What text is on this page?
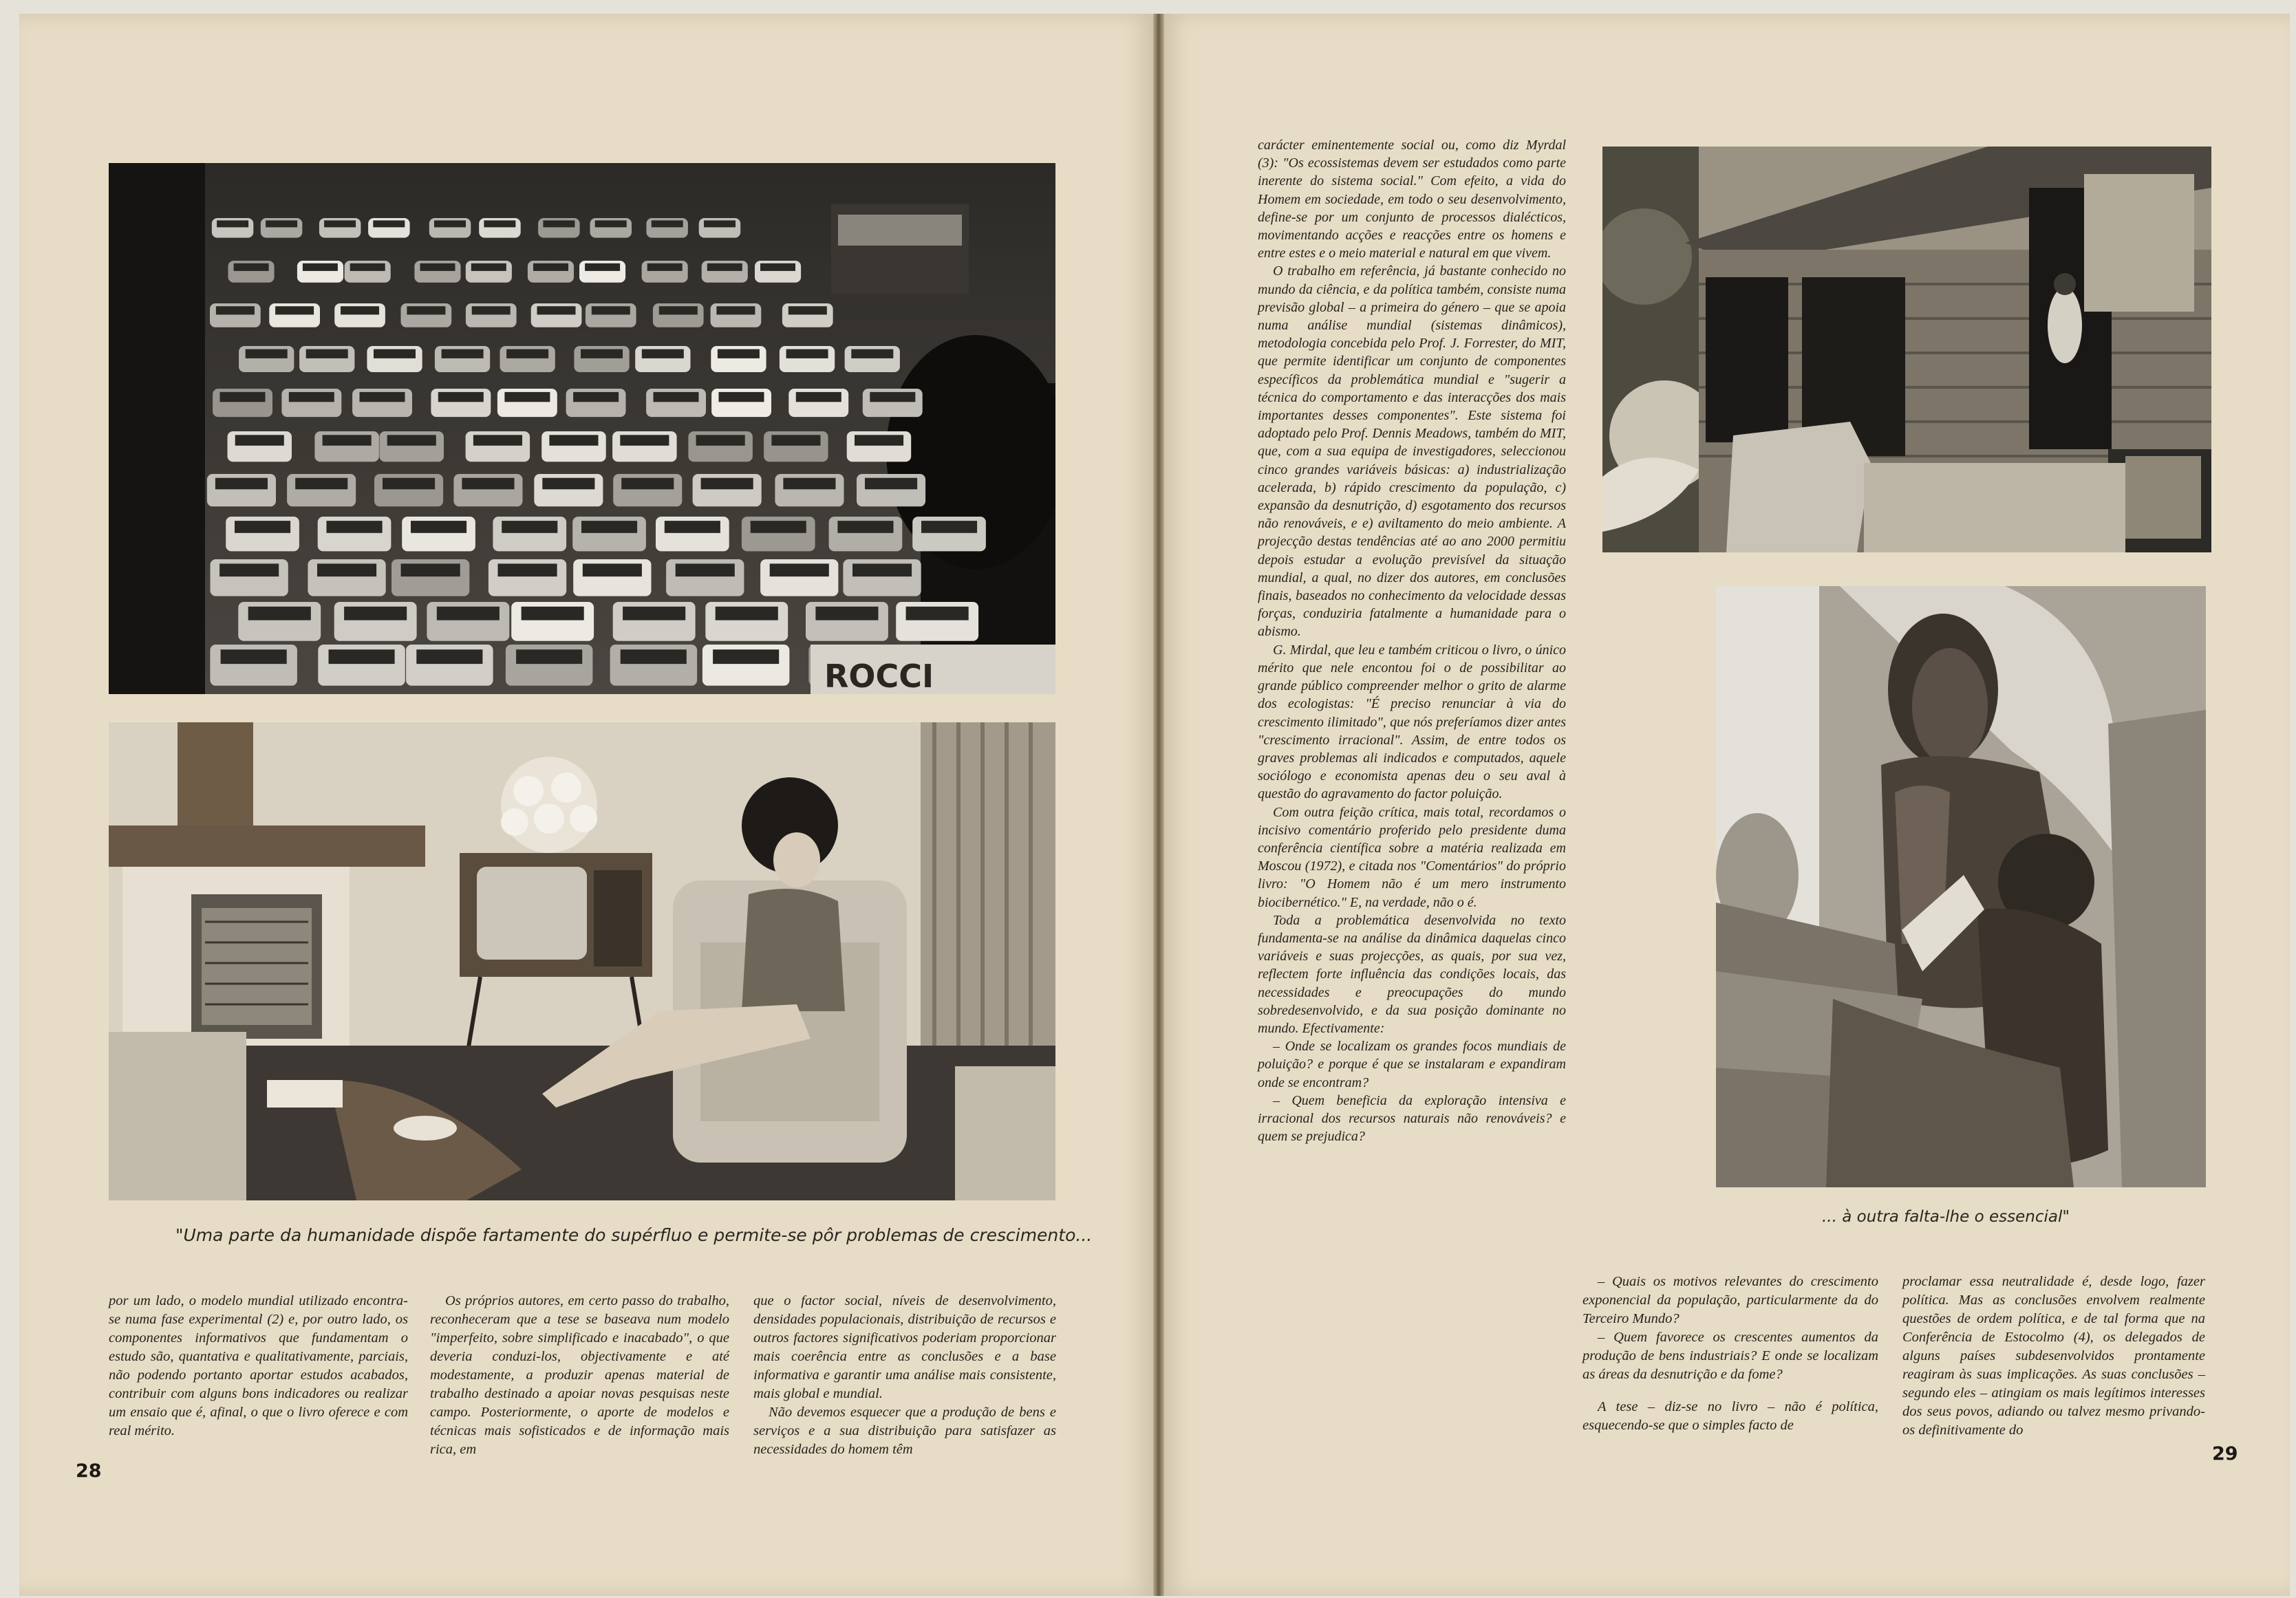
ROCCI
"Uma parte da humanidade dispõe fartamente do supérfluo e permite-se pôr problemas de crescimento...

por um lado, o modelo mundial utilizado encontra-se numa fase experimental (2) e, por outro lado, os componentes informativos que fundamentam o estudo são, quantativa e qualitativamente, parciais, não podendo portanto aportar estudos acabados, contribuir com alguns bons indicadores ou realizar um ensaio que é, afinal, o que o livro oferece e com real mérito.

Os próprios autores, em certo passo do trabalho, reconheceram que a tese se baseava num modelo "imperfeito, sobre simplificado e inacabado", o que deveria conduzi-los, objectivamente e até modestamente, a produzir apenas material de trabalho destinado a apoiar novas pesquisas neste campo. Posteriormente, o aporte de modelos e técnicas mais sofisticados e de informação mais rica, em

que o factor social, níveis de desenvolvimento, densidades populacionais, distribuição de recursos e outros factores significativos poderiam proporcionar mais coerência entre as conclusões e a base informativa e garantir uma análise mais consistente, mais global e mundial.

Não devemos esquecer que a produção de bens e serviços e a sua distribuição para satisfazer as necessidades do homem têm

28

carácter eminentemente social ou, como diz Myrdal (3): "Os ecossistemas devem ser estudados como parte inerente do sistema social." Com efeito, a vida do Homem em sociedade, em todo o seu desenvolvimento, define-se por um conjunto de processos dialécticos, movimentando acções e reacções entre os homens e entre estes e o meio material e natural em que vivem.

O trabalho em referência, já bastante conhecido no mundo da ciência, e da política também, consiste numa previsão global – a primeira do género – que se apoia numa análise mundial (sistemas dinâmicos), metodologia concebida pelo Prof. J. Forrester, do MIT, que permite identificar um conjunto de componentes específicos da problemática mundial e "sugerir a técnica do comportamento e das interacções dos mais importantes desses componentes". Este sistema foi adoptado pelo Prof. Dennis Meadows, também do MIT, que, com a sua equipa de investigadores, seleccionou cinco grandes variáveis básicas: a) industrialização acelerada, b) rápido crescimento da população, c) expansão da desnutrição, d) esgotamento dos recursos não renováveis, e e) aviltamento do meio ambiente. A projecção destas tendências até ao ano 2000 permitiu depois estudar a evolução previsível da situação mundial, a qual, no dizer dos autores, em conclusões finais, baseados no conhecimento da velocidade dessas forças, conduziria fatalmente a humanidade para o abismo.

G. Mirdal, que leu e também criticou o livro, o único mérito que nele encontou foi o de possibilitar ao grande público compreender melhor o grito de alarme dos ecologistas: "É preciso renunciar à via do crescimento ilimitado", que nós preferíamos dizer antes "crescimento irracional". Assim, de entre todos os graves problemas ali indicados e computados, aquele sociólogo e economista apenas deu o seu aval à questão do agravamento do factor poluição.

Com outra feição crítica, mais total, recordamos o incisivo comentário proferido pelo presidente duma conferência científica sobre a matéria realizada em Moscou (1972), e citada nos "Comentários" do próprio livro: "O Homem não é um mero instrumento biocibernético." E, na verdade, não o é.

Toda a problemática desenvolvida no texto fundamenta-se na análise da dinâmica daquelas cinco variáveis e suas projecções, as quais, por sua vez, reflectem forte influência das condições locais, das necessidades e preocupações do mundo sobredesenvolvido, e da sua posição dominante no mundo. Efectivamente:

– Onde se localizam os grandes focos mundiais de poluição? e porque é que se instalaram e expandiram onde se encontram?

– Quem beneficia da exploração intensiva e irracional dos recursos naturais não renováveis? e quem se prejudica?

... à outra falta-lhe o essencial"

– Quais os motivos relevantes do crescimento exponencial da população, particularmente da do Terceiro Mundo?

– Quem favorece os crescentes aumentos da produção de bens industriais? E onde se localizam as áreas da desnutrição e da fome?

A tese – diz-se no livro – não é política, esquecendo-se que o simples facto de

proclamar essa neutralidade é, desde logo, fazer política. Mas as conclusões envolvem realmente questões de ordem política, e de tal forma que na Conferência de Estocolmo (4), os delegados de alguns países subdesenvolvidos prontamente reagiram às suas implicações. As suas conclusões – segundo eles – atingiam os mais legítimos interesses dos seus povos, adiando ou talvez mesmo privando-os definitivamente do

29
